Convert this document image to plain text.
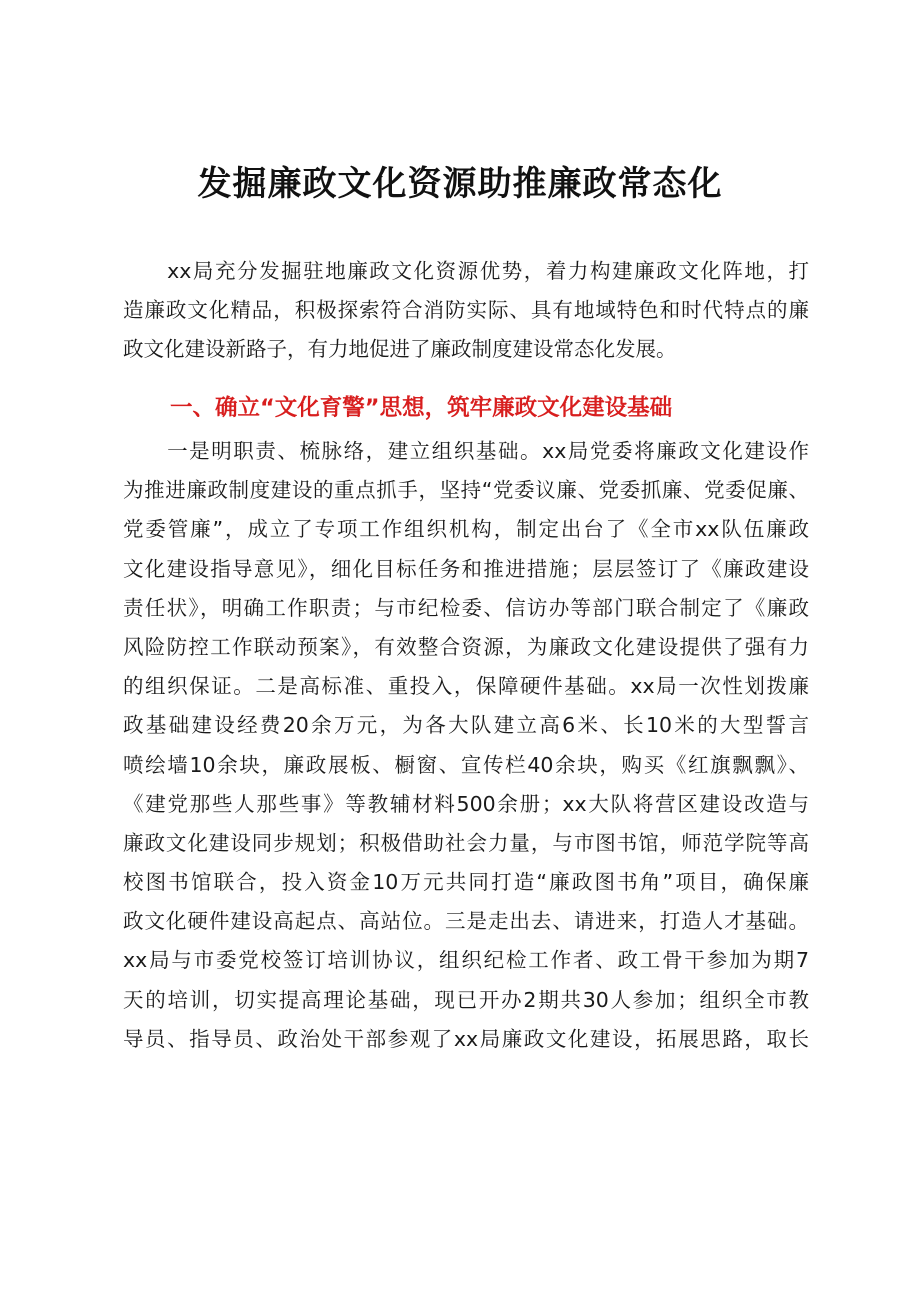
发掘廉政文化资源助推廉政常态化
　　xx局充分发掘驻地廉政文化资源优势，着力构建廉政文化阵地，打
造廉政文化精品，积极探索符合消防实际、具有地域特色和时代特点的廉
政文化建设新路子，有力地促进了廉政制度建设常态化发展。
一、确立“文化育警”思想，筑牢廉政文化建设基础
　　一是明职责、梳脉络，建立组织基础。xx局党委将廉政文化建设作
为推进廉政制度建设的重点抓手，坚持“党委议廉、党委抓廉、党委促廉、
党委管廉”，成立了专项工作组织机构，制定出台了《全市xx队伍廉政
文化建设指导意见》，细化目标任务和推进措施；层层签订了《廉政建设
责任状》，明确工作职责；与市纪检委、信访办等部门联合制定了《廉政
风险防控工作联动预案》，有效整合资源，为廉政文化建设提供了强有力
的组织保证。二是高标准、重投入，保障硬件基础。xx局一次性划拨廉
政基础建设经费20余万元，为各大队建立高6米、长10米的大型誓言
喷绘墙10余块，廉政展板、橱窗、宣传栏40余块，购买《红旗飘飘》、
《建党那些人那些事》等教辅材料500余册；xx大队将营区建设改造与
廉政文化建设同步规划；积极借助社会力量，与市图书馆，师范学院等高
校图书馆联合，投入资金10万元共同打造“廉政图书角”项目，确保廉
政文化硬件建设高起点、高站位。三是走出去、请进来，打造人才基础。
xx局与市委党校签订培训协议，组织纪检工作者、政工骨干参加为期7
天的培训，切实提高理论基础，现已开办2期共30人参加；组织全市教
导员、指导员、政治处干部参观了xx局廉政文化建设，拓展思路，取长
